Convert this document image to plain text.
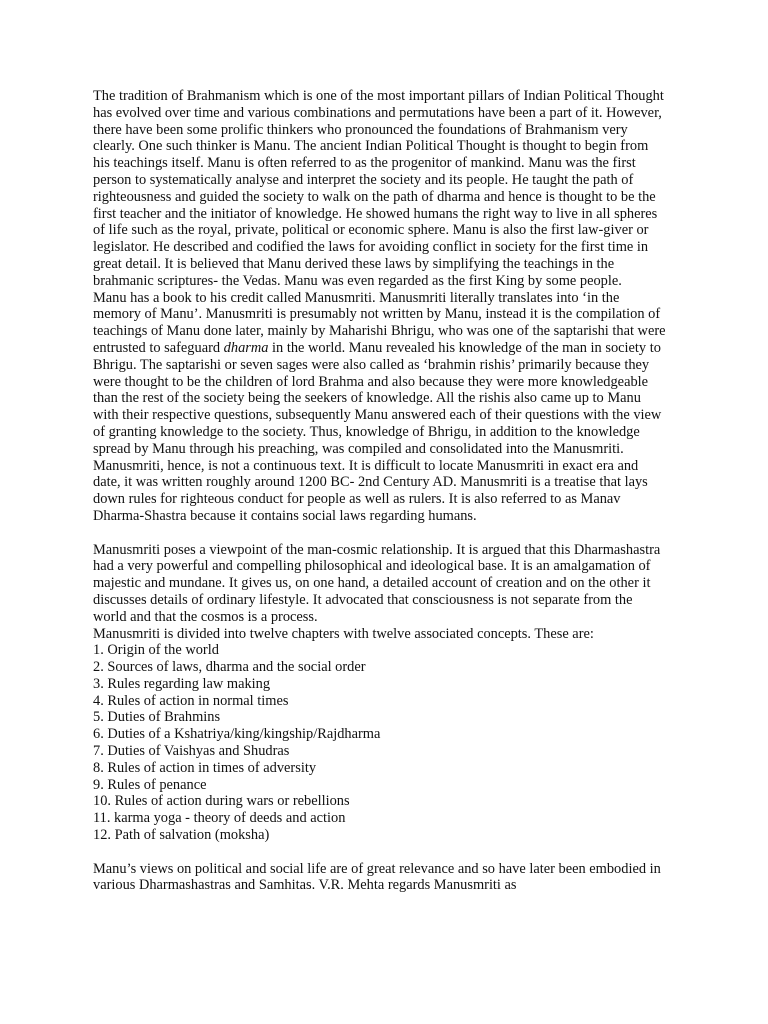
The tradition of Brahmanism which is one of the most important pillars of Indian Political Thought has evolved over time and various combinations and permutations have been a part of it. However, there have been some prolific thinkers who pronounced the foundations of Brahmanism very clearly. One such thinker is Manu. The ancient Indian Political Thought is thought to begin from his teachings itself. Manu is often referred to as the progenitor of mankind. Manu was the first person to systematically analyse and interpret the society and its people. He taught the path of righteousness and guided the society to walk on the path of dharma and hence is thought to be the first teacher and the initiator of knowledge. He showed humans the right way to live in all spheres of life such as the royal, private, political or economic sphere. Manu is also the first law-giver or legislator. He described and codified the laws for avoiding conflict in society for the first time in great detail. It is believed that Manu derived these laws by simplifying the teachings in the brahmanic scriptures- the Vedas. Manu was even regarded as the first King by some people.

Manu has a book to his credit called Manusmriti. Manusmriti literally translates into ‘in the memory of Manu’. Manusmriti is presumably not written by Manu, instead it is the compilation of teachings of Manu done later, mainly by Maharishi Bhrigu, who was one of the saptarishi that were entrusted to safeguard dharma in the world. Manu revealed his knowledge of the man in society to Bhrigu. The saptarishi or seven sages were also called as ‘brahmin rishis’ primarily because they were thought to be the children of lord Brahma and also because they were more knowledgeable than the rest of the society being the seekers of knowledge. All the rishis also came up to Manu with their respective questions, subsequently Manu answered each of their questions with the view of granting knowledge to the society. Thus, knowledge of Bhrigu, in addition to the knowledge spread by Manu through his preaching, was compiled and consolidated into the Manusmriti. Manusmriti, hence, is not a continuous text. It is difficult to locate Manusmriti in exact era and date, it was written roughly around 1200 BC- 2nd Century AD. Manusmriti is a treatise that lays down rules for righteous conduct for people as well as rulers. It is also referred to as Manav Dharma-Shastra because it contains social laws regarding humans.

Manusmriti poses a viewpoint of the man-cosmic relationship. It is argued that this Dharmashastra had a very powerful and compelling philosophical and ideological base. It is an amalgamation of majestic and mundane. It gives us, on one hand, a detailed account of creation and on the other it discusses details of ordinary lifestyle. It advocated that consciousness is not separate from the world and that the cosmos is a process.

Manusmriti is divided into twelve chapters with twelve associated concepts. These are:

1. Origin of the world
2. Sources of laws, dharma and the social order
3. Rules regarding law making
4. Rules of action in normal times
5. Duties of Brahmins
6. Duties of a Kshatriya/king/kingship/Rajdharma
7. Duties of Vaishyas and Shudras
8. Rules of action in times of adversity
9. Rules of penance
10. Rules of action during wars or rebellions
11. karma yoga - theory of deeds and action
12. Path of salvation (moksha)

Manu’s views on political and social life are of great relevance and so have later been embodied in various Dharmashastras and Samhitas. V.R. Mehta regards Manusmriti as
